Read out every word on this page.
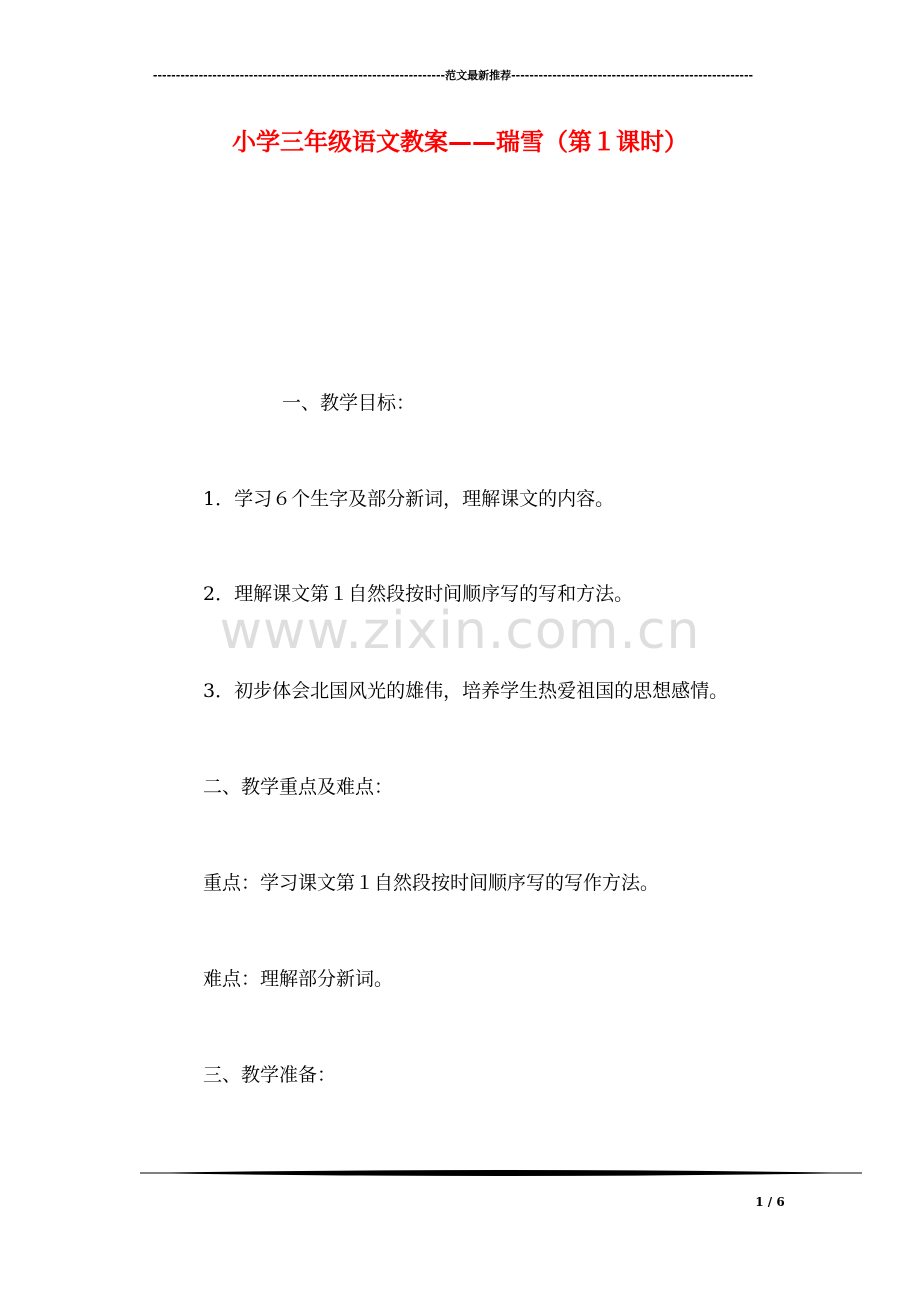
----------------------------------------------------------------范文最新推荐-----------------------------------------------------
小学三年级语文教案——瑞雪（第１课时）
一、教学目标：
1．学习６个生字及部分新词，理解课文的内容。
2．理解课文第１自然段按时间顺序写的写和方法。
3．初步体会北国风光的雄伟，培养学生热爱祖国的思想感情。
二、教学重点及难点：
重点：学习课文第１自然段按时间顺序写的写作方法。
难点：理解部分新词。
三、教学准备：
www.zixin.com.cn
1 / 6
